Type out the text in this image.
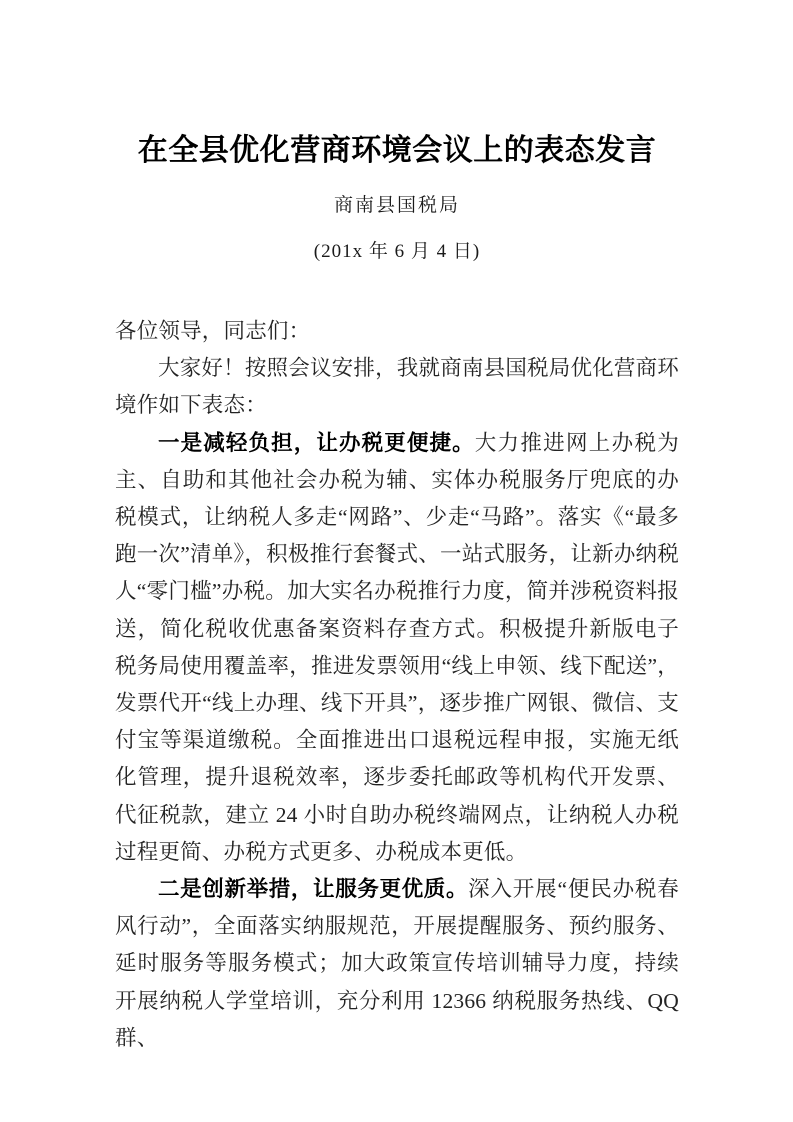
在全县优化营商环境会议上的表态发言
商南县国税局
(201x 年 6 月 4 日)

各位领导，同志们：

大家好！按照会议安排，我就商南县国税局优化营商环境作如下表态：

一是减轻负担，让办税更便捷。大力推进网上办税为主、自助和其他社会办税为辅、实体办税服务厅兜底的办税模式，让纳税人多走“网路”、少走“马路”。落实《“最多跑一次”清单》，积极推行套餐式、一站式服务，让新办纳税人“零门槛”办税。加大实名办税推行力度，简并涉税资料报送，简化税收优惠备案资料存查方式。积极提升新版电子税务局使用覆盖率，推进发票领用“线上申领、线下配送”，发票代开“线上办理、线下开具”，逐步推广网银、微信、支付宝等渠道缴税。全面推进出口退税远程申报，实施无纸化管理，提升退税效率，逐步委托邮政等机构代开发票、代征税款，建立 24 小时自助办税终端网点，让纳税人办税过程更简、办税方式更多、办税成本更低。

二是创新举措，让服务更优质。深入开展“便民办税春风行动”，全面落实纳服规范，开展提醒服务、预约服务、延时服务等服务模式；加大政策宣传培训辅导力度，持续开展纳税人学堂培训，充分利用 12366 纳税服务热线、QQ 群、
